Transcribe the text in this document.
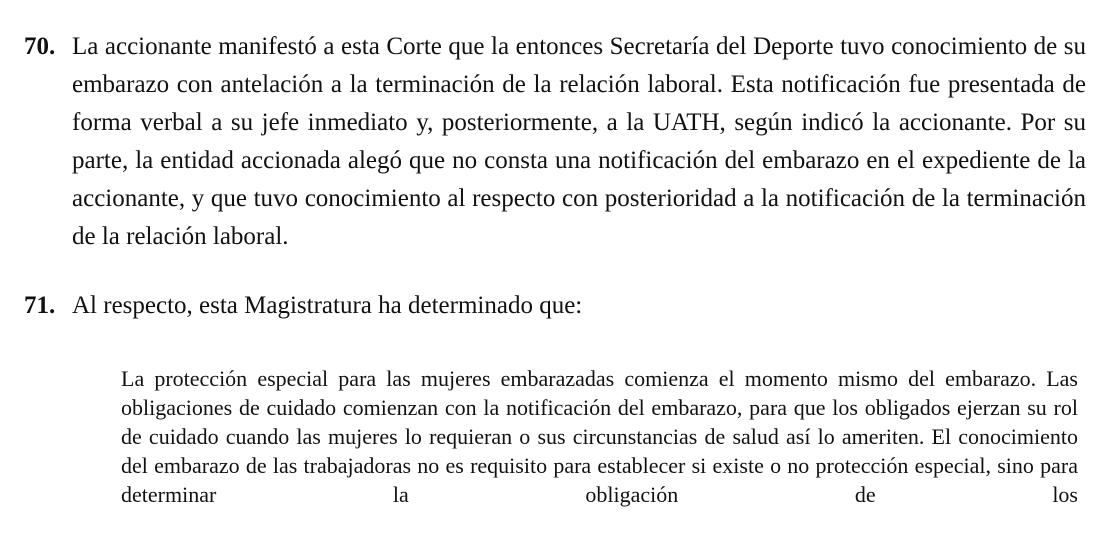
70. La accionante manifestó a esta Corte que la entonces Secretaría del Deporte tuvo conocimiento de su embarazo con antelación a la terminación de la relación laboral. Esta notificación fue presentada de forma verbal a su jefe inmediato y, posteriormente, a la UATH, según indicó la accionante. Por su parte, la entidad accionada alegó que no consta una notificación del embarazo en el expediente de la accionante, y que tuvo conocimiento al respecto con posterioridad a la notificación de la terminación de la relación laboral.
71. Al respecto, esta Magistratura ha determinado que:
La protección especial para las mujeres embarazadas comienza el momento mismo del embarazo. Las obligaciones de cuidado comienzan con la notificación del embarazo, para que los obligados ejerzan su rol de cuidado cuando las mujeres lo requieran o sus circunstancias de salud así lo ameriten. El conocimiento del embarazo de las trabajadoras no es requisito para establecer si existe o no protección especial, sino para determinar la obligación de los
